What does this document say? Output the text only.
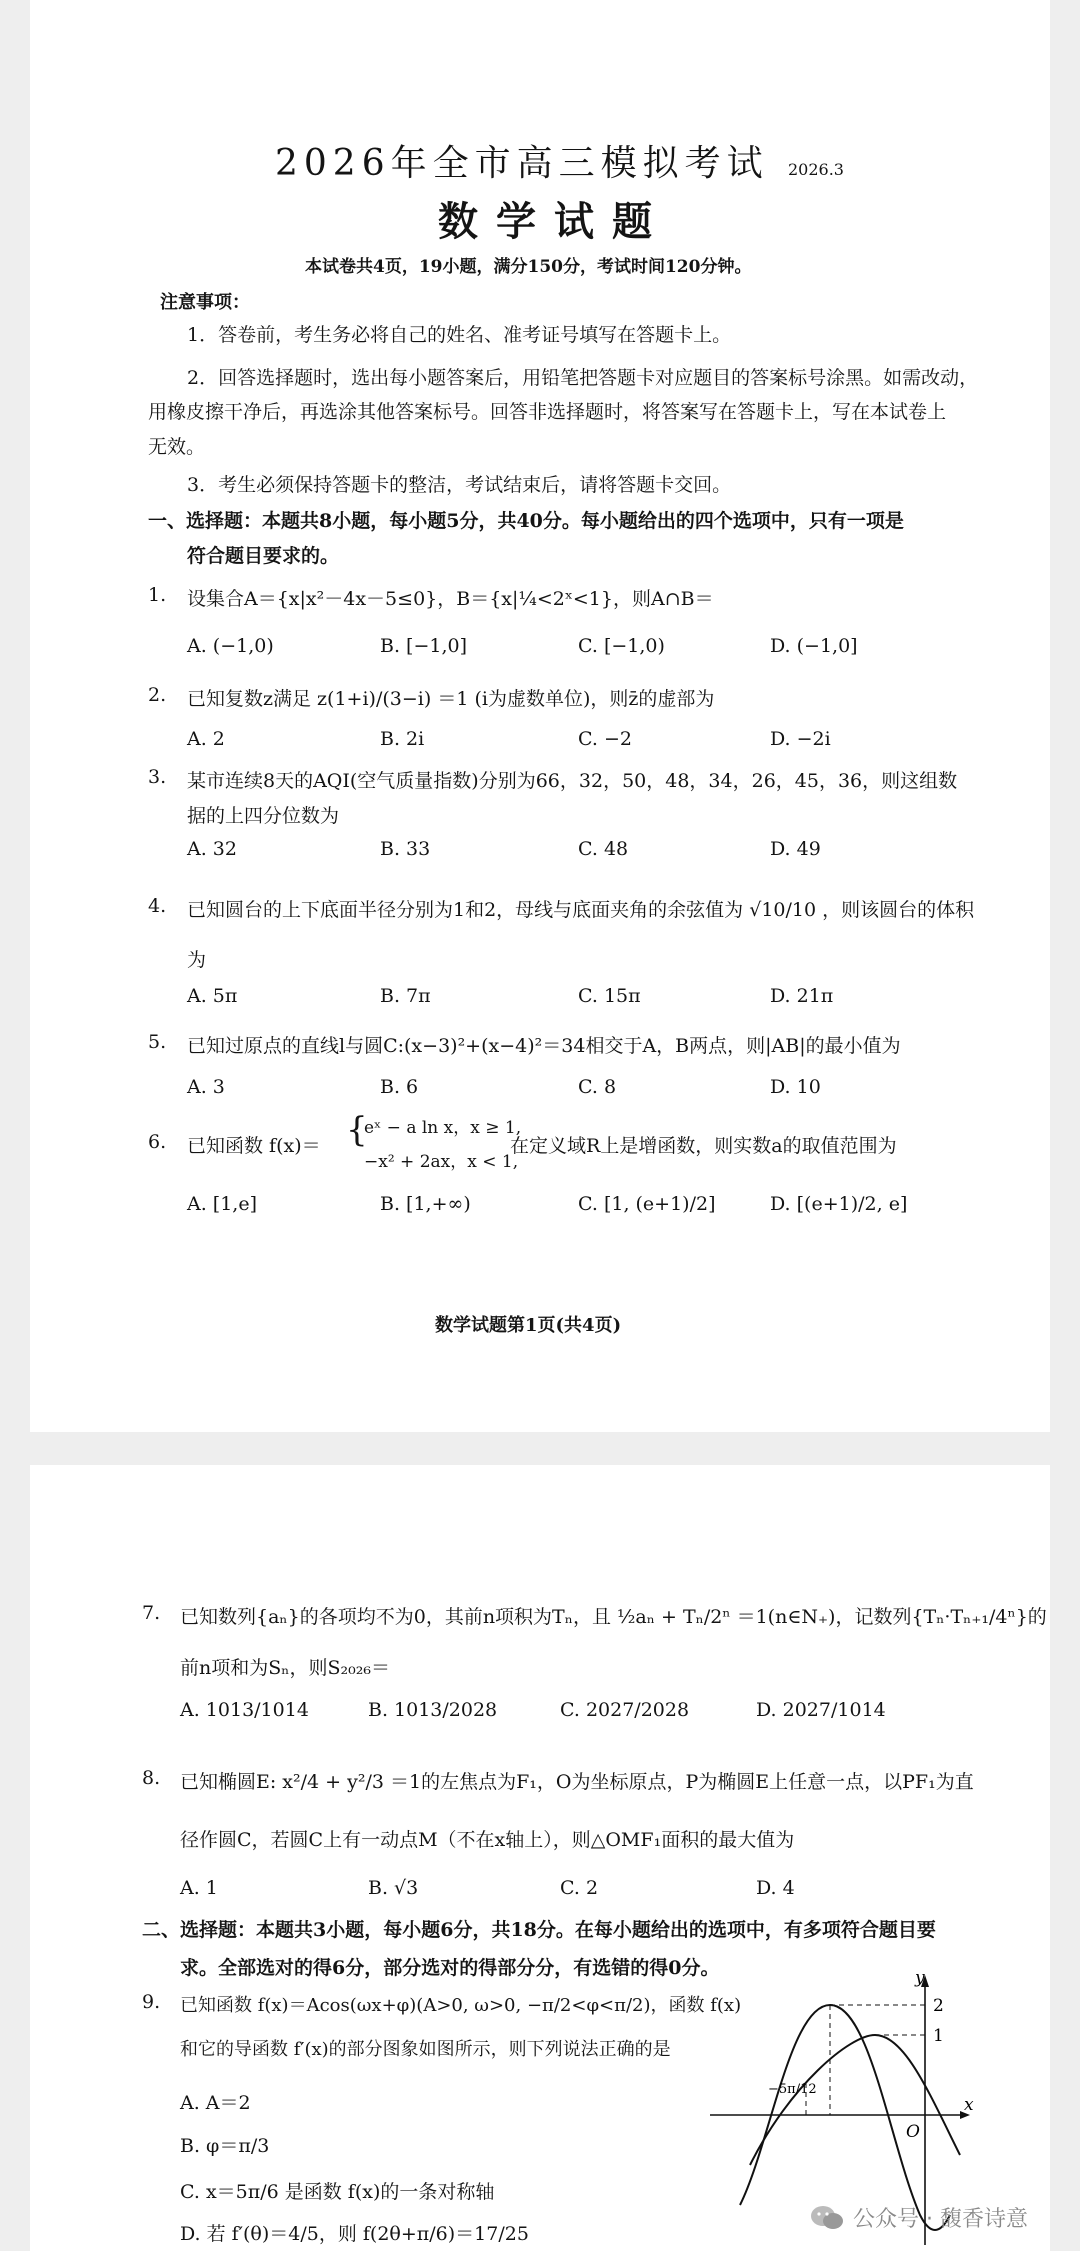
2026年全市高三模拟考试 2026.3
数学试题
本试卷共4页，19小题，满分150分，考试时间120分钟。
注意事项：
1．答卷前，考生务必将自己的姓名、准考证号填写在答题卡上。
2．回答选择题时，选出每小题答案后，用铅笔把答题卡对应题目的答案标号涂黑。如需改动，
用橡皮擦干净后，再选涂其他答案标号。回答非选择题时，将答案写在答题卡上，写在本试卷上
无效。
3．考生必须保持答题卡的整洁，考试结束后，请将答题卡交回。
一、选择题：本题共8小题，每小题5分，共40分。每小题给出的四个选项中，只有一项是
符合题目要求的。
1. 设集合A＝{x|x²－4x－5≤0}，B＝{x|¼<2ˣ<1}，则A∩B＝
A. (−1,0)	B. [−1,0]	C. [−1,0)	D. (−1,0]
2. 已知复数z满足 z(1+i)/(3−i) ＝1 (i为虚数单位)，则z̄的虚部为
A. 2	B. 2i	C. −2	D. −2i
3. 某市连续8天的AQI(空气质量指数)分别为66，32，50，48，34，26，45，36，则这组数
据的上四分位数为
A. 32	B. 33	C. 48	D. 49
4. 已知圆台的上下底面半径分别为1和2，母线与底面夹角的余弦值为 √10/10 ，则该圆台的体积
为
A. 5π	B. 7π	C. 15π	D. 21π
5. 已知过原点的直线l与圆C:(x−3)²+(x−4)²＝34相交于A，B两点，则|AB|的最小值为
A. 3	B. 6	C. 8	D. 10
6. 已知函数 f(x)＝ {
eˣ − a ln x，x ≥ 1,
−x² + 2ax，x < 1,
在定义域R上是增函数，则实数a的取值范围为
A. [1,e]	B. [1,+∞)	C. [1, (e+1)/2]	D. [(e+1)/2, e]
数学试题第1页(共4页)
7. 已知数列{aₙ}的各项均不为0，其前n项积为Tₙ，且 ½aₙ + Tₙ/2ⁿ ＝1(n∈N₊)，记数列{Tₙ·Tₙ₊₁/4ⁿ}的
前n项和为Sₙ，则S₂₀₂₆＝
A. 1013/1014	B. 1013/2028	C. 2027/2028	D. 2027/1014
8. 已知椭圆E: x²/4 + y²/3 ＝1的左焦点为F₁，O为坐标原点，P为椭圆E上任意一点，以PF₁为直
径作圆C，若圆C上有一动点M（不在x轴上），则△OMF₁面积的最大值为
A. 1	B. √3	C. 2	D. 4
二、选择题：本题共3小题，每小题6分，共18分。在每小题给出的选项中，有多项符合题目要
求。全部选对的得6分，部分选对的得部分分，有选错的得0分。
9. 已知函数 f(x)＝Acos(ωx+φ)(A>0, ω>0, −π/2<φ<π/2)，函数 f(x)
和它的导函数 f′(x)的部分图象如图所示，则下列说法正确的是
A. A＝2
B. φ＝π/3
C. x＝5π/6 是函数 f(x)的一条对称轴
D. 若 f′(θ)＝4/5，则 f(2θ+π/6)＝17/25
y
x
O
2
1
−5π/12
公众号 · 馥香诗意
